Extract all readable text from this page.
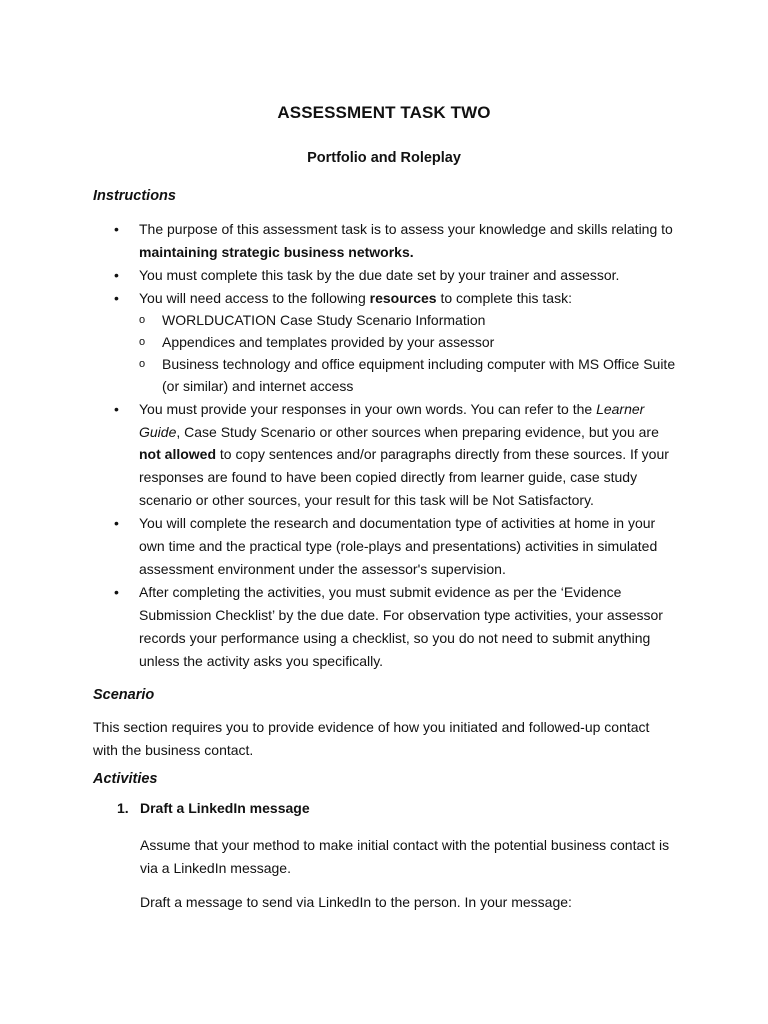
ASSESSMENT TASK TWO
Portfolio and Roleplay
Instructions
• The purpose of this assessment task is to assess your knowledge and skills relating to maintaining strategic business networks.
• You must complete this task by the due date set by your trainer and assessor.
• You will need access to the following resources to complete this task:
o WORLDUCATION Case Study Scenario Information
o Appendices and templates provided by your assessor
o Business technology and office equipment including computer with MS Office Suite (or similar) and internet access
• You must provide your responses in your own words. You can refer to the Learner Guide, Case Study Scenario or other sources when preparing evidence, but you are not allowed to copy sentences and/or paragraphs directly from these sources. If your responses are found to have been copied directly from learner guide, case study scenario or other sources, your result for this task will be Not Satisfactory.
• You will complete the research and documentation type of activities at home in your own time and the practical type (role-plays and presentations) activities in simulated assessment environment under the assessor's supervision.
• After completing the activities, you must submit evidence as per the ‘Evidence Submission Checklist’ by the due date. For observation type activities, your assessor records your performance using a checklist, so you do not need to submit anything unless the activity asks you specifically.
Scenario
This section requires you to provide evidence of how you initiated and followed-up contact with the business contact.
Activities
1. Draft a LinkedIn message
Assume that your method to make initial contact with the potential business contact is via a LinkedIn message.
Draft a message to send via LinkedIn to the person. In your message:
